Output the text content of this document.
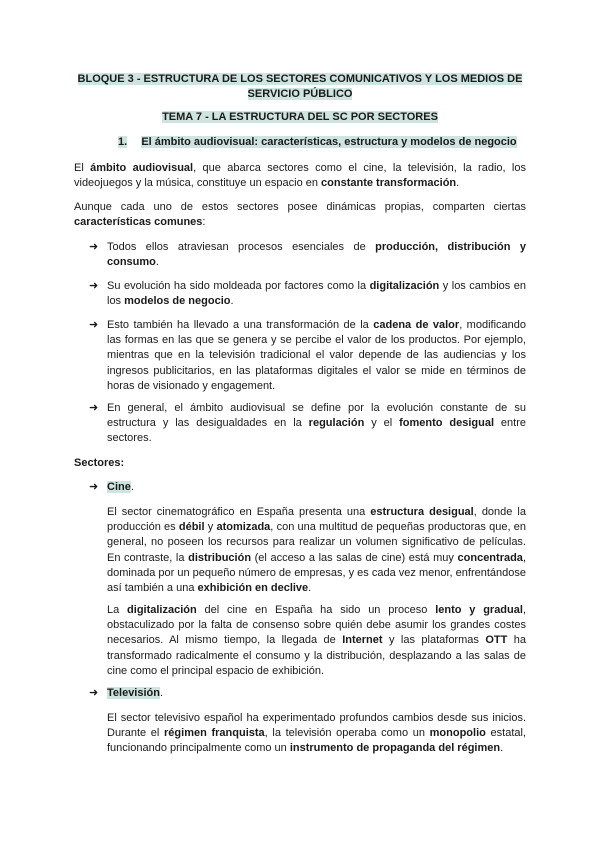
BLOQUE 3 - ESTRUCTURA DE LOS SECTORES COMUNICATIVOS Y LOS MEDIOS DE
SERVICIO PÚBLICO
TEMA 7 - LA ESTRUCTURA DEL SC POR SECTORES
1. El ámbito audiovisual: características, estructura y modelos de negocio
El ámbito audiovisual, que abarca sectores como el cine, la televisión, la radio, los videojuegos y la música, constituye un espacio en constante transformación.
Aunque cada uno de estos sectores posee dinámicas propias, comparten ciertas características comunes:
➜ Todos ellos atraviesan procesos esenciales de producción, distribución y consumo.
➜ Su evolución ha sido moldeada por factores como la digitalización y los cambios en los modelos de negocio.
➜ Esto también ha llevado a una transformación de la cadena de valor, modificando las formas en las que se genera y se percibe el valor de los productos. Por ejemplo, mientras que en la televisión tradicional el valor depende de las audiencias y los ingresos publicitarios, en las plataformas digitales el valor se mide en términos de horas de visionado y engagement.
➜ En general, el ámbito audiovisual se define por la evolución constante de su estructura y las desigualdades en la regulación y el fomento desigual entre sectores.
Sectores:
➜ Cine.
El sector cinematográfico en España presenta una estructura desigual, donde la producción es débil y atomizada, con una multitud de pequeñas productoras que, en general, no poseen los recursos para realizar un volumen significativo de películas. En contraste, la distribución (el acceso a las salas de cine) está muy concentrada, dominada por un pequeño número de empresas, y es cada vez menor, enfrentándose así también a una exhibición en declive.
La digitalización del cine en España ha sido un proceso lento y gradual, obstaculizado por la falta de consenso sobre quién debe asumir los grandes costes necesarios. Al mismo tiempo, la llegada de Internet y las plataformas OTT ha transformado radicalmente el consumo y la distribución, desplazando a las salas de cine como el principal espacio de exhibición.
➜ Televisión.
El sector televisivo español ha experimentado profundos cambios desde sus inicios. Durante el régimen franquista, la televisión operaba como un monopolio estatal, funcionando principalmente como un instrumento de propaganda del régimen.
